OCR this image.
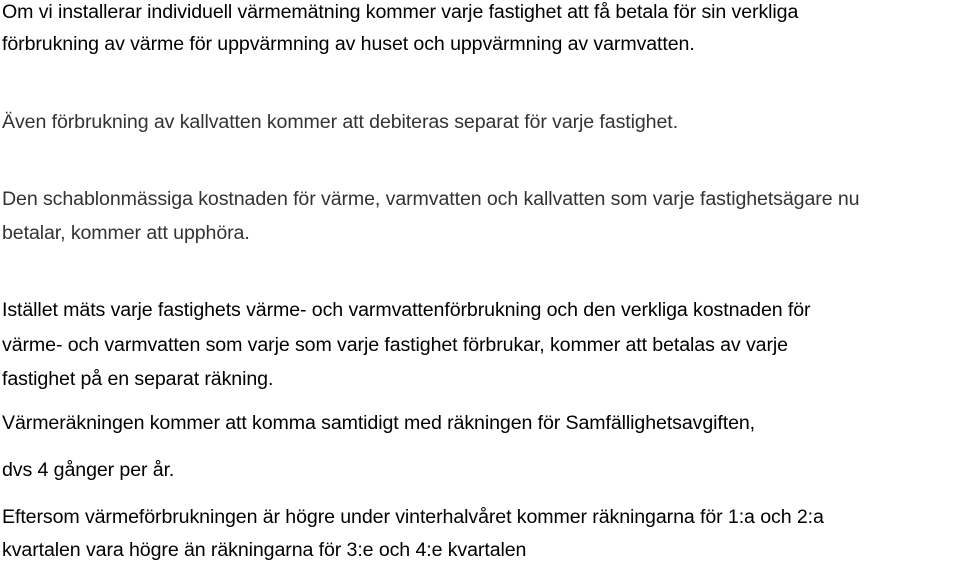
Om vi installerar individuell värmemätning kommer varje fastighet att få betala för sin verkliga
förbrukning av värme för uppvärmning av huset och uppvärmning av varmvatten.
Även förbrukning av kallvatten kommer att debiteras separat för varje fastighet.
Den schablonmässiga kostnaden för värme, varmvatten och kallvatten som varje fastighetsägare nu
betalar, kommer att upphöra.
Istället mäts varje fastighets värme- och varmvattenförbrukning och den verkliga kostnaden för
värme- och varmvatten som varje som varje fastighet förbrukar, kommer att betalas av varje
fastighet på en separat räkning.
Värmeräkningen kommer att komma samtidigt med räkningen för Samfällighetsavgiften,
dvs 4 gånger per år.
Eftersom värmeförbrukningen är högre under vinterhalvåret kommer räkningarna för 1:a och 2:a
kvartalen vara högre än räkningarna för 3:e och 4:e kvartalen
